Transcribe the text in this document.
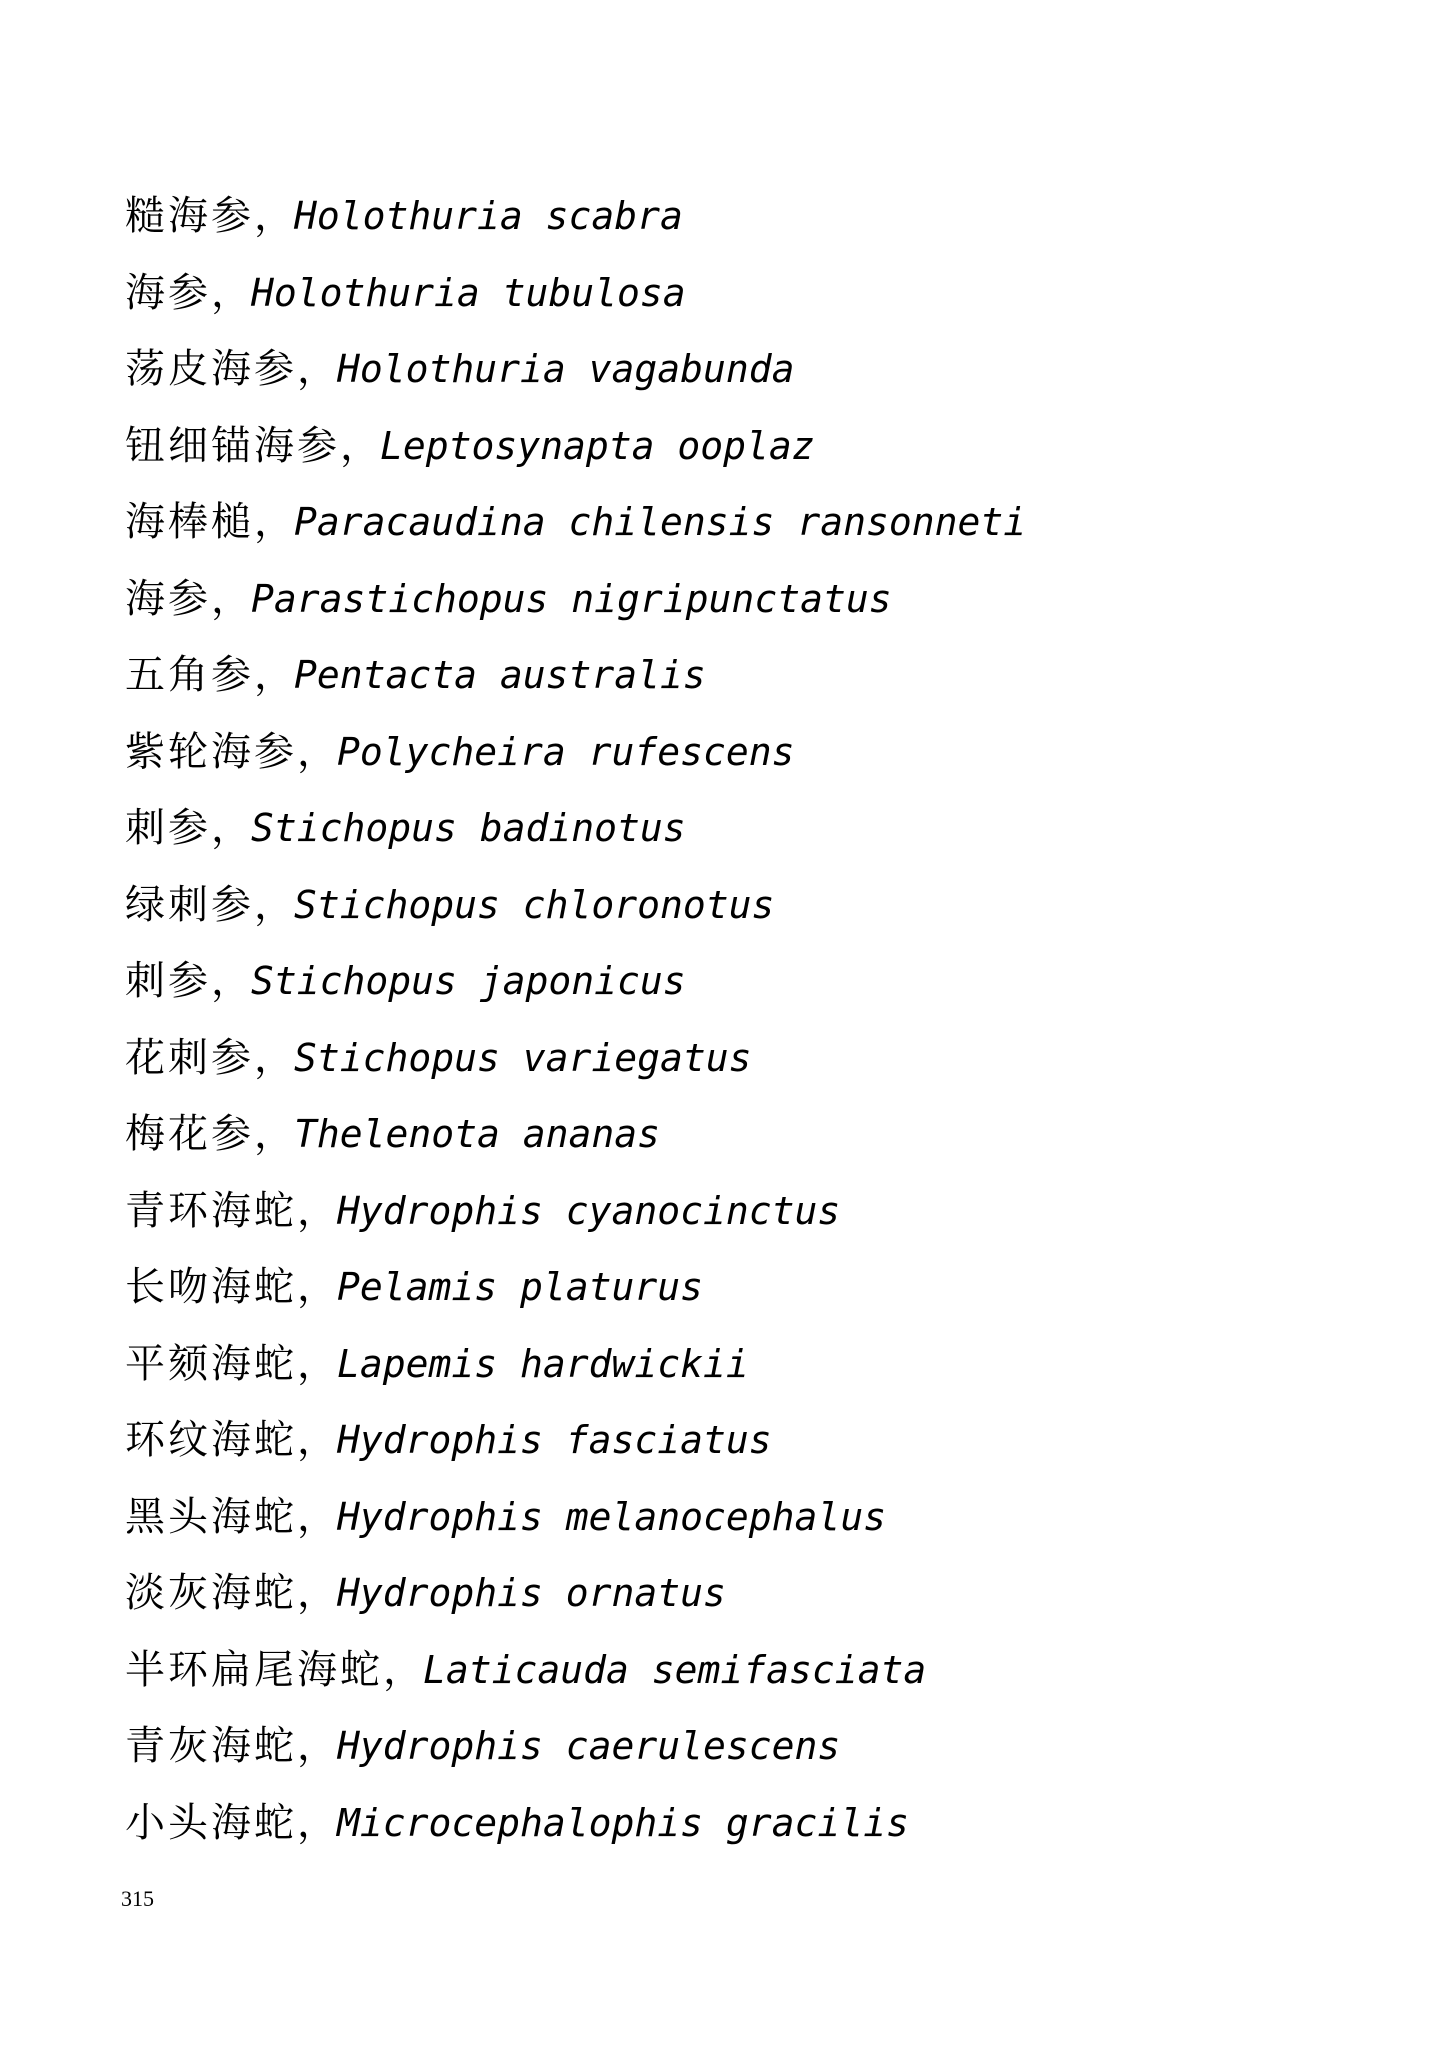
糙海参，Holothuria scabra
海参，Holothuria tubulosa
荡皮海参，Holothuria vagabunda
钮细锚海参，Leptosynapta ooplaz
海棒槌，Paracaudina chilensis ransonneti
海参，Parastichopus nigripunctatus
五角参，Pentacta australis
紫轮海参，Polycheira rufescens
刺参，Stichopus badinotus
绿刺参，Stichopus chloronotus
刺参，Stichopus japonicus
花刺参，Stichopus variegatus
梅花参，Thelenota ananas
青环海蛇，Hydrophis cyanocinctus
长吻海蛇，Pelamis platurus
平颏海蛇，Lapemis hardwickii
环纹海蛇，Hydrophis fasciatus
黑头海蛇，Hydrophis melanocephalus
淡灰海蛇，Hydrophis ornatus
半环扁尾海蛇，Laticauda semifasciata
青灰海蛇，Hydrophis caerulescens
小头海蛇，Microcephalophis gracilis

315
